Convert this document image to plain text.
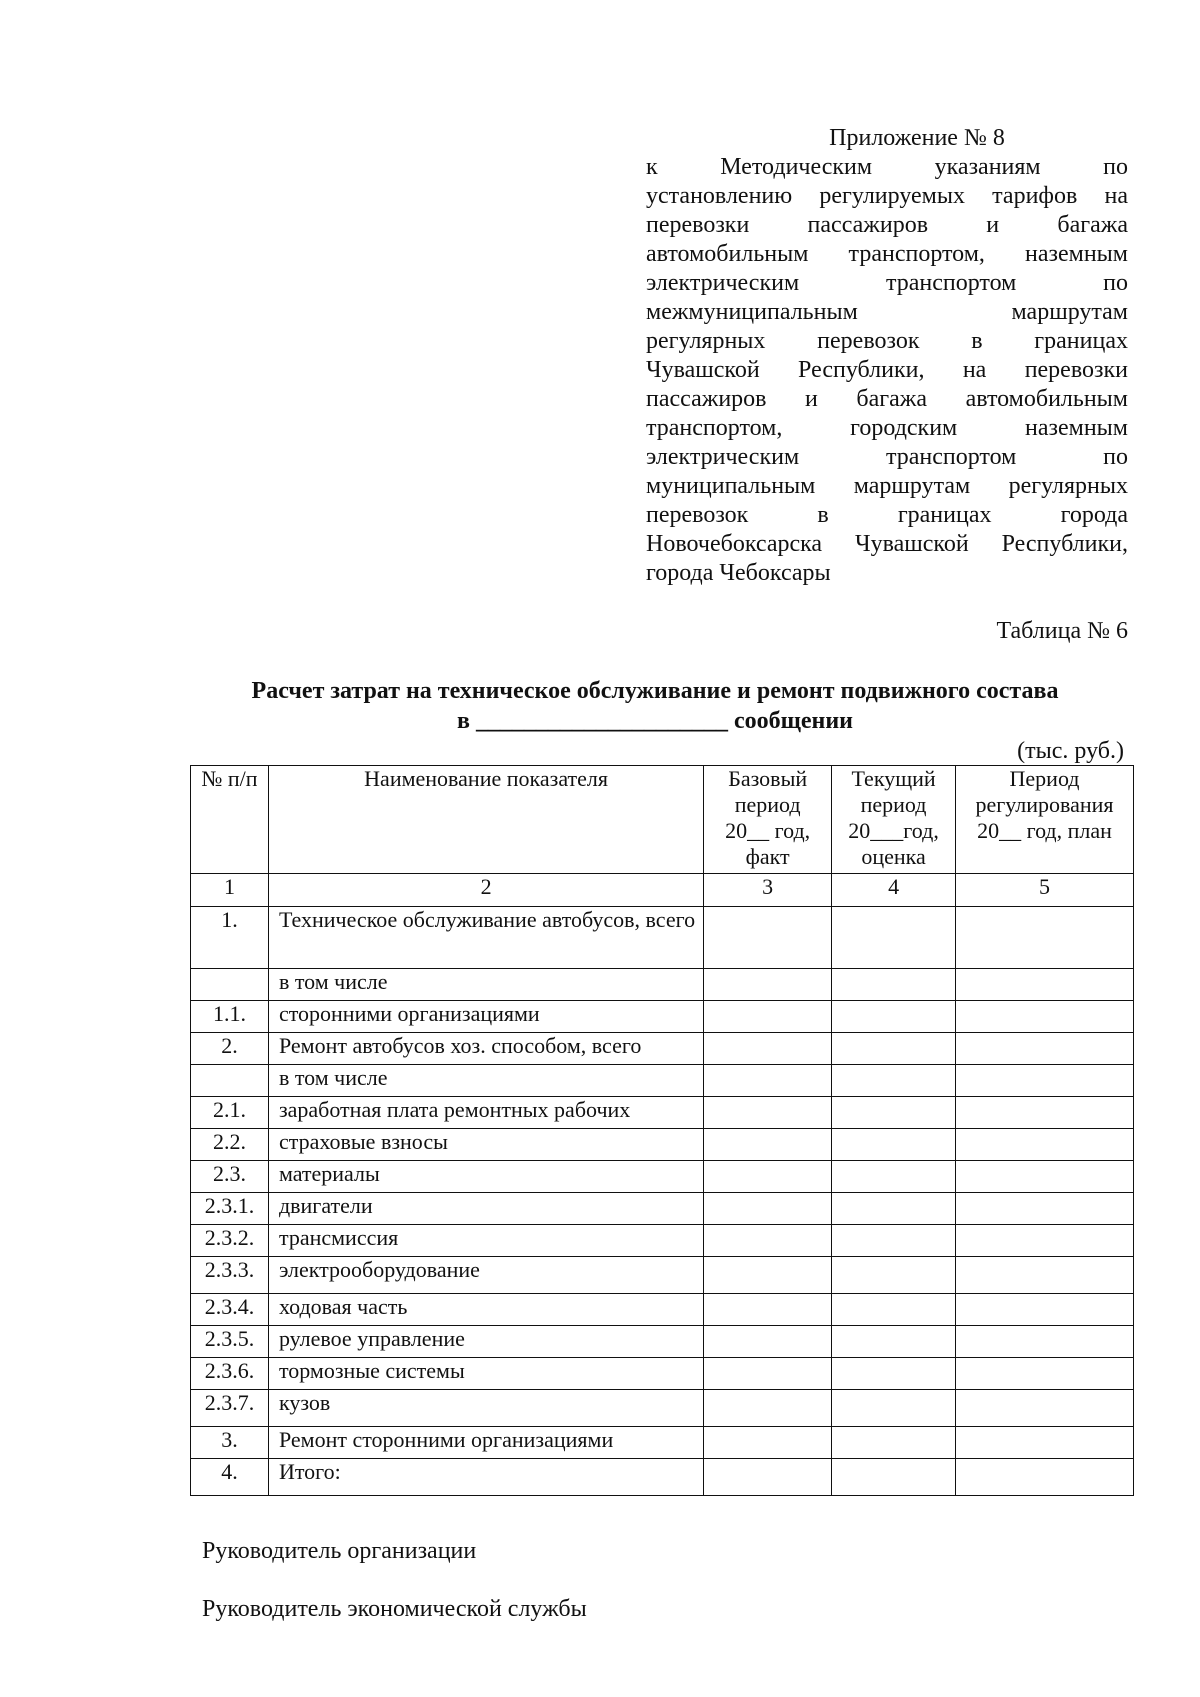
Приложение № 8
к Методическим указаниям по
установлению регулируемых тарифов на
перевозки пассажиров и багажа
автомобильным транспортом, наземным
электрическим транспортом по
межмуниципальным маршрутам
регулярных перевозок в границах
Чувашской Республики, на перевозки
пассажиров и багажа автомобильным
транспортом, городским наземным
электрическим транспортом по
муниципальным маршрутам регулярных
перевозок в границах города
Новочебоксарска Чувашской Республики,
города Чебоксары
Таблица № 6
Расчет затрат на техническое обслуживание и ремонт подвижного состава
в _____________________ сообщении
(тыс. руб.)
№ п/п	Наименование показателя	Базовый период 20__ год, факт	Текущий период 20___год, оценка	Период регулирования 20__ год, план
1	2	3	4	5
1.	Техническое обслуживание автобусов, всего			
	в том числе			
1.1.	сторонними организациями			
2.	Ремонт автобусов хоз. способом, всего			
	в том числе			
2.1.	заработная плата ремонтных рабочих			
2.2.	страховые взносы			
2.3.	материалы			
2.3.1.	двигатели			
2.3.2.	трансмиссия			
2.3.3.	электрооборудование			
2.3.4.	ходовая часть			
2.3.5.	рулевое управление			
2.3.6.	тормозные системы			
2.3.7.	кузов			
3.	Ремонт сторонними организациями			
4.	Итого:			
Руководитель организации
Руководитель экономической службы
